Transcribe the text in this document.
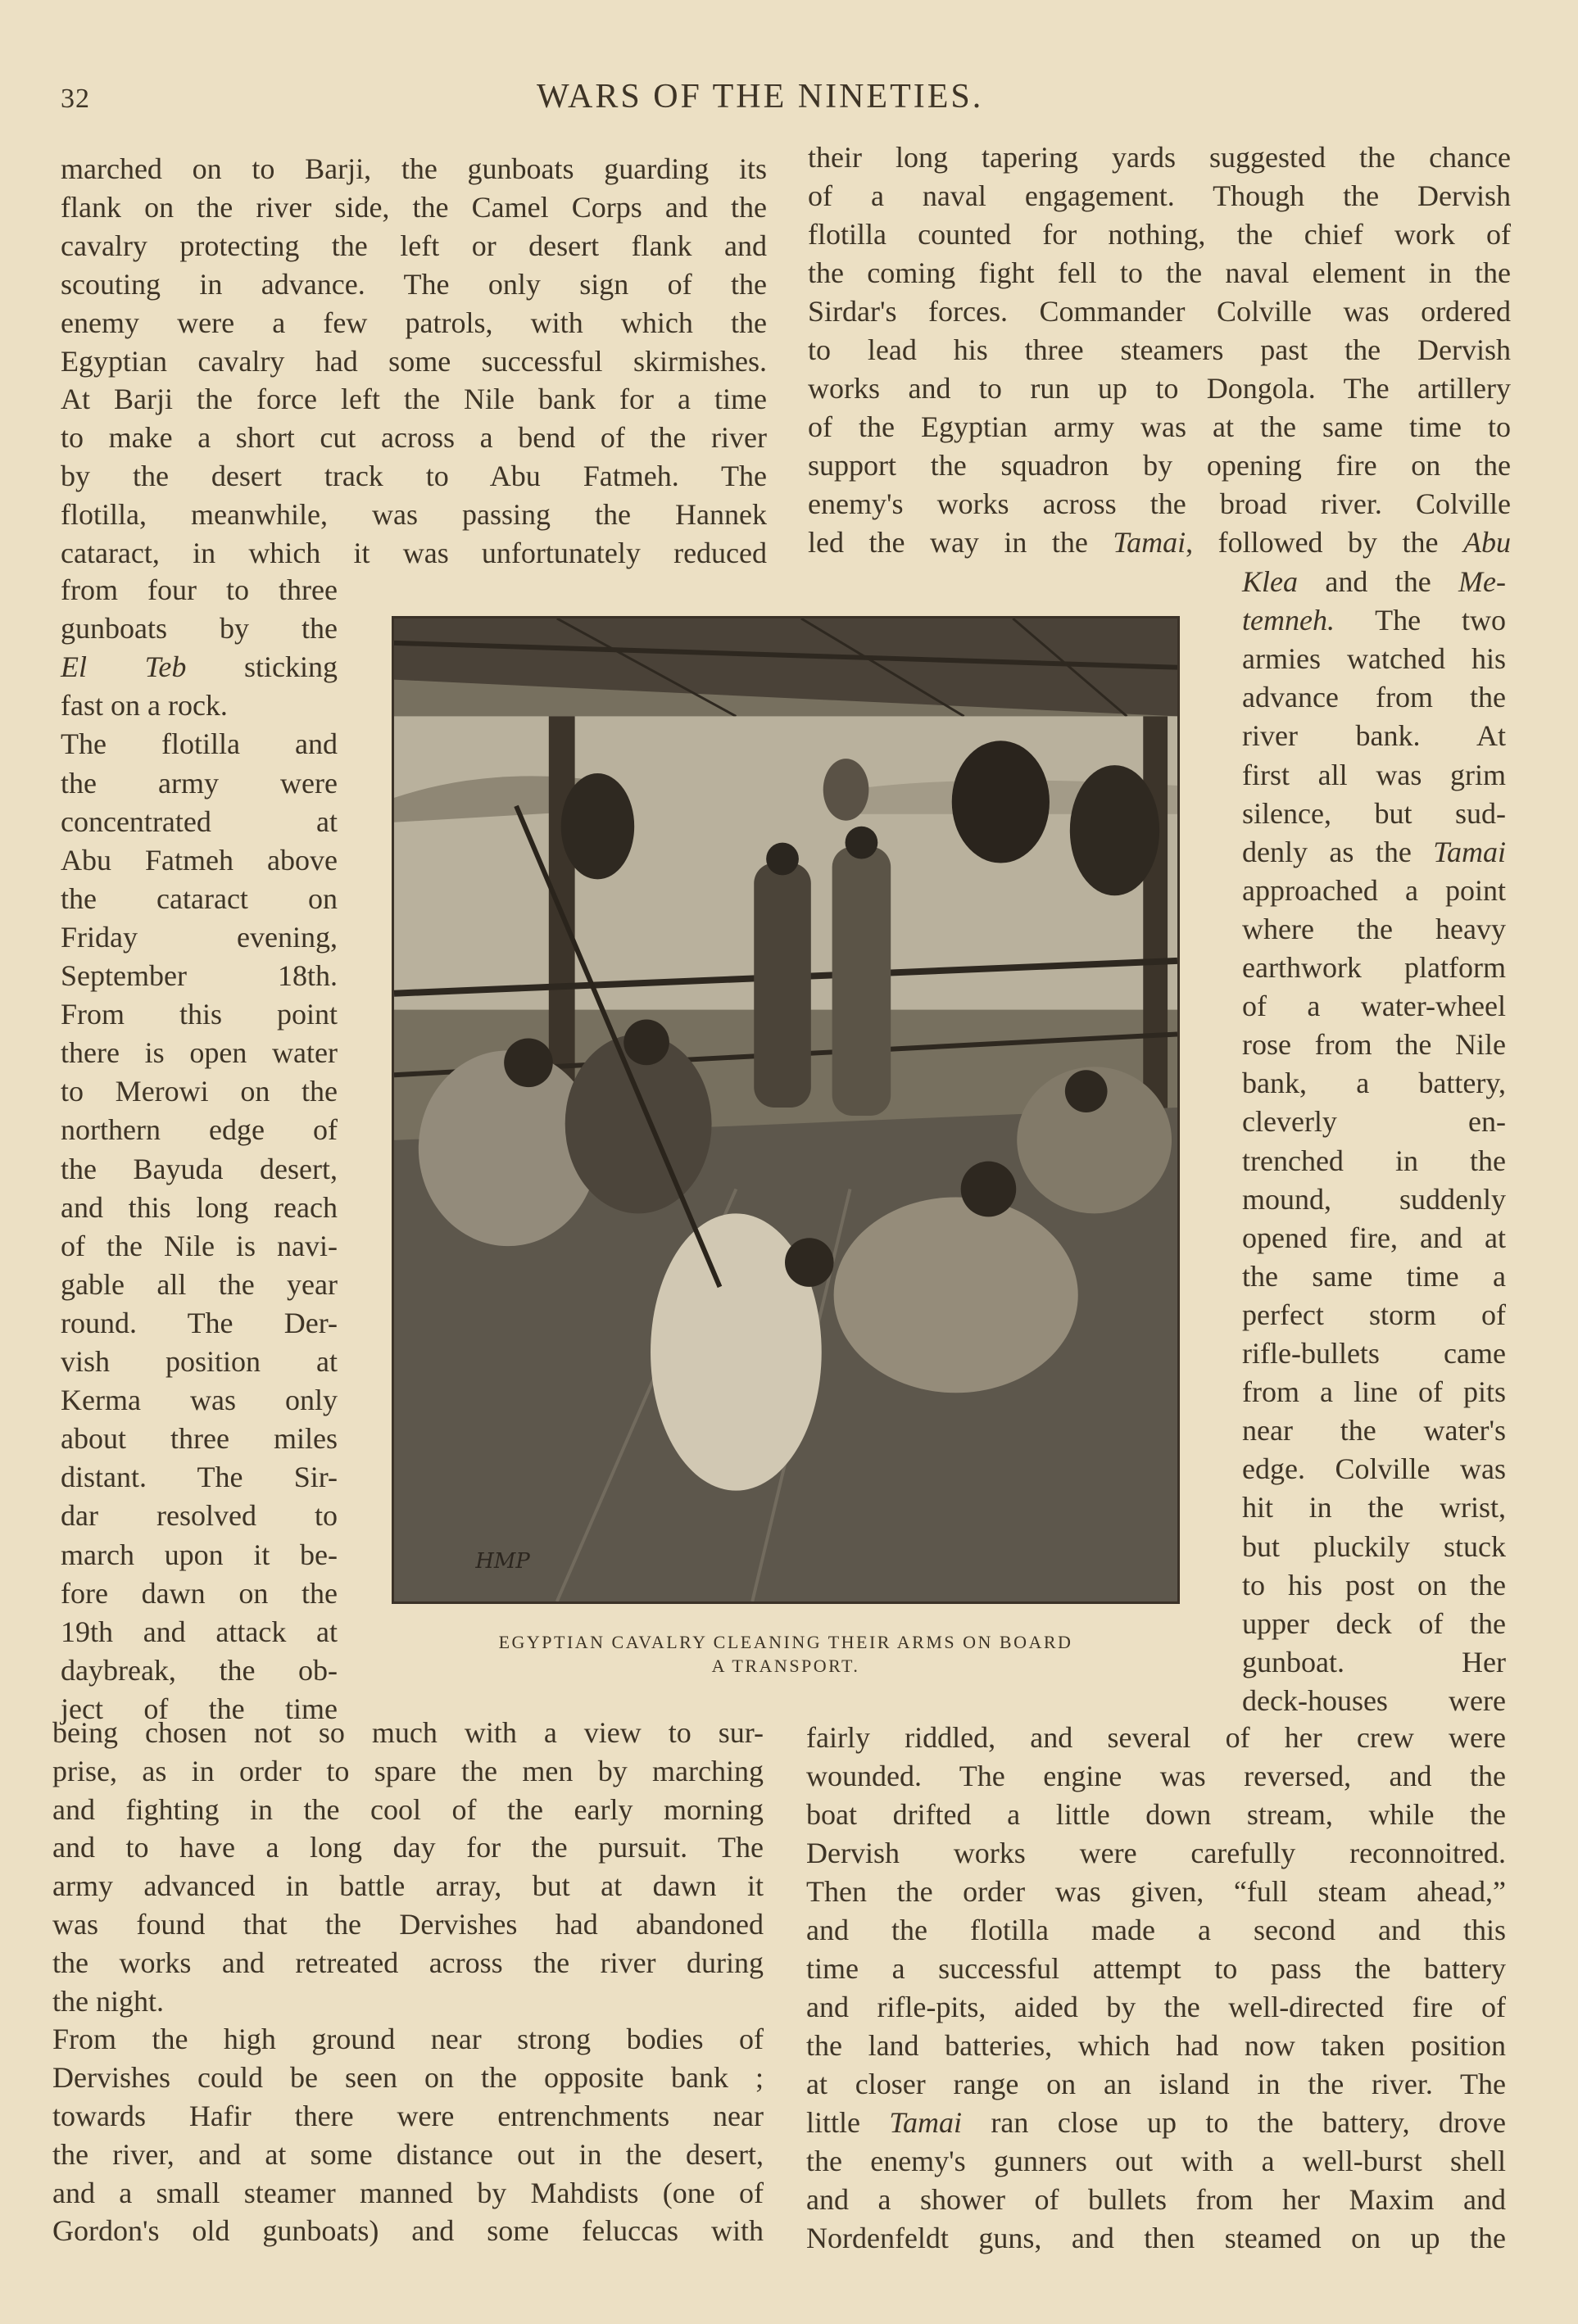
32	WARS OF THE NINETIES.

marched on to Barji, the gunboats guarding its

flank on the river side, the Camel Corps and the

cavalry protecting the left or desert flank and

scouting in advance. The only sign of the

enemy were a few patrols, with which the

Egyptian cavalry had some successful skirmishes.

At Barji the force left the Nile bank for a time

to make a short cut across a bend of the river

by the desert track to Abu Fatmeh. The

flotilla, meanwhile, was passing the Hannek

cataract, in which it was unfortunately reduced

from four to three

gunboats by the

El Teb sticking

fast on a rock.

The flotilla and

the army were

concentrated at

Abu Fatmeh above

the cataract on

Friday evening,

September 18th.

From this point

there is open water

to Merowi on the

northern edge of

the Bayuda desert,

and this long reach

of the Nile is navi-

gable all the year

round. The Der-

vish position at

Kerma was only

about three miles

distant. The Sir-

dar resolved to

march upon it be-

fore dawn on the

19th and attack at

daybreak, the ob-

ject of the time

being chosen not so much with a view to sur-

prise, as in order to spare the men by marching

and fighting in the cool of the early morning

and to have a long day for the pursuit. The

army advanced in battle array, but at dawn it

was found that the Dervishes had abandoned

the works and retreated across the river during

the night.

From the high ground near strong bodies of

Dervishes could be seen on the opposite bank ;

towards Hafir there were entrenchments near

the river, and at some distance out in the desert,

and a small steamer manned by Mahdists (one of

Gordon's old gunboats) and some feluccas with

their long tapering yards suggested the chance

of a naval engagement. Though the Dervish

flotilla counted for nothing, the chief work of

the coming fight fell to the naval element in the

Sirdar's forces. Commander Colville was ordered

to lead his three steamers past the Dervish

works and to run up to Dongola. The artillery

of the Egyptian army was at the same time to

support the squadron by opening fire on the

enemy's works across the broad river. Colville

led the way in the Tamai, followed by the Abu

Klea and the Me-

temneh. The two

armies watched his

advance from the

river bank. At

first all was grim

silence, but sud-

denly as the Tamai

approached a point

where the heavy

earthwork platform

of a water-wheel

rose from the Nile

bank, a battery,

cleverly en-

trenched in the

mound, suddenly

opened fire, and at

the same time a

perfect storm of

rifle-bullets came

from a line of pits

near the water's

edge. Colville was

hit in the wrist,

but pluckily stuck

to his post on the

upper deck of the

gunboat. Her

deck-houses were

fairly riddled, and several of her crew were

wounded. The engine was reversed, and the

boat drifted a little down stream, while the

Dervish works were carefully reconnoitred.

Then the order was given, “full steam ahead,”

and the flotilla made a second and this

time a successful attempt to pass the battery

and rifle-pits, aided by the well-directed fire of

the land batteries, which had now taken position

at closer range on an island in the river. The

little Tamai ran close up to the battery, drove

the enemy's gunners out with a well-burst shell

and a shower of bullets from her Maxim and

Nordenfeldt guns, and then steamed on up the

HMP

EGYPTIAN CAVALRY CLEANING THEIR ARMS ON BOARD

A TRANSPORT.
